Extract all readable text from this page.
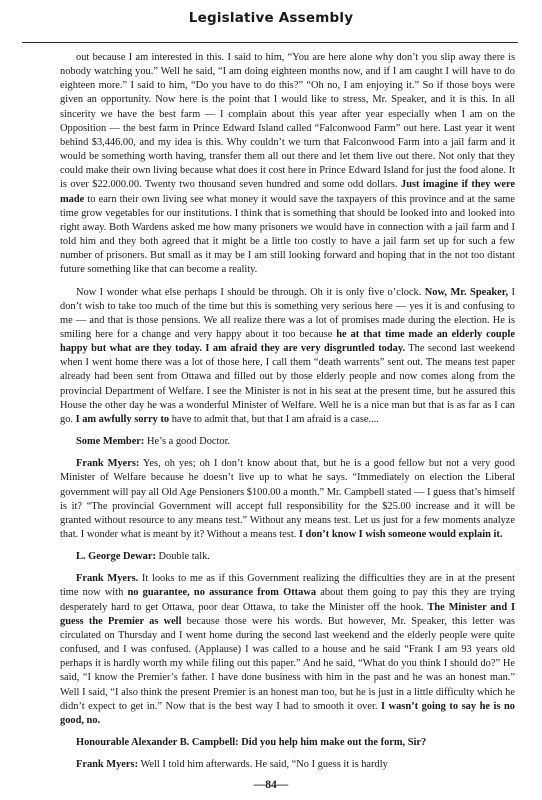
Legislative Assembly

out because I am interested in this. I said to him, “You are here alone why don’t you slip away there is nobody watching you.” Well he said, “I am doing eighteen months now, and if I am caught I will have to do eighteen more.” I said to him, “Do you have to do this?” “Oh no, I am enjoying it.” So if those boys were given an opportunity. Now here is the point that I would like to stress, Mr. Speaker, and it is this. In all sincerity we have the best farm — I complain about this year after year especially when I am on the Opposition — the best farm in Prince Edward Island called “Falconwood Farm” out here. Last year it went behind $3,446.00, and my idea is this. Why couldn’t we turn that Falconwood Farm into a jail farm and it would be something worth having, transfer them all out there and let them live out there. Not only that they could make their own living because what does it cost here in Prince Edward Island for just the food alone. It is over $22.000.00. Twenty two thousand seven hundred and some odd dollars. Just imagine if they were made to earn their own living see what money it would save the taxpayers of this province and at the same time grow vegetables for our institutions. I think that is something that should be looked into and looked into right away. Both Wardens asked me how many prisoners we would have in connection with a jail farm and I told him and they both agreed that it might be a little too costly to have a jail farm set up for such a few number of prisoners. But small as it may be I am still looking forward and hoping that in the not too distant future something like that can become a reality.

Now I wonder what else perhaps I should be through. Oh it is only five o’clock. Now, Mr. Speaker, I don’t wish to take too much of the time but this is something very serious here — yes it is and confusing to me — and that is those pensions. We all realize there was a lot of promises made during the election. He is smiling here for a change and very happy about it too because he at that time made an elderly couple happy but what are they today. I am afraid they are very disgruntled today. The second last weekend when I went home there was a lot of those here, I call them “death warrents” sent out. The means test paper already had been sent from Ottawa and filled out by those elderly people and now comes along from the provincial Department of Welfare. I see the Minister is not in his seat at the present time, but he assured this House the other day he was a wonderful Minister of Welfare. Well he is a nice man but that is as far as I can go. I am awfully sorry to have to admit that, but that I am afraid is a case....

Some Member: He’s a good Doctor.

Frank Myers: Yes, oh yes; oh I don’t know about that, but he is a good fellow but not a very good Minister of Welfare because he doesn’t live up to what he says. “Immediately on election the Liberal government will pay all Old Age Pensioners $100.00 a month.” Mr. Campbell stated — I guess that’s himself is it? “The provincial Government will accept full responsibility for the $25.00 increase and it will be granted without resource to any means test.” Without any means test. Let us just for a few moments analyze that. I wonder what is meant by it? Without a means test. I don’t know I wish someone would explain it.

L. George Dewar: Double talk.

Frank Myers. It looks to me as if this Government realizing the difficulties they are in at the present time now with no guarantee, no assurance from Ottawa about them going to pay this they are trying desperately hard to get Ottawa, poor dear Ottawa, to take the Minister off the hook. The Minister and I guess the Premier as well because those were his words. But however, Mr. Speaker, this letter was circulated on Thursday and I went home during the second last weekend and the elderly people were quite confused, and I was confused. (Applause) I was called to a house and he said “Frank I am 93 years old perhaps it is hardly worth my while filing out this paper.” And he said, “What do you think I should do?” He said, “I know the Premier’s father. I have done business with him in the past and he was an honest man.” Well I said, “I also think the present Premier is an honest man too, but he is just in a little difficulty which he didn’t expect to get in.” Now that is the best way I had to smooth it over. I wasn’t going to say he is no good, no.

Honourable Alexander B. Campbell: Did you help him make out the form, Sir?

Frank Myers: Well I told him afterwards. He said, “No I guess it is hardly

—84—
